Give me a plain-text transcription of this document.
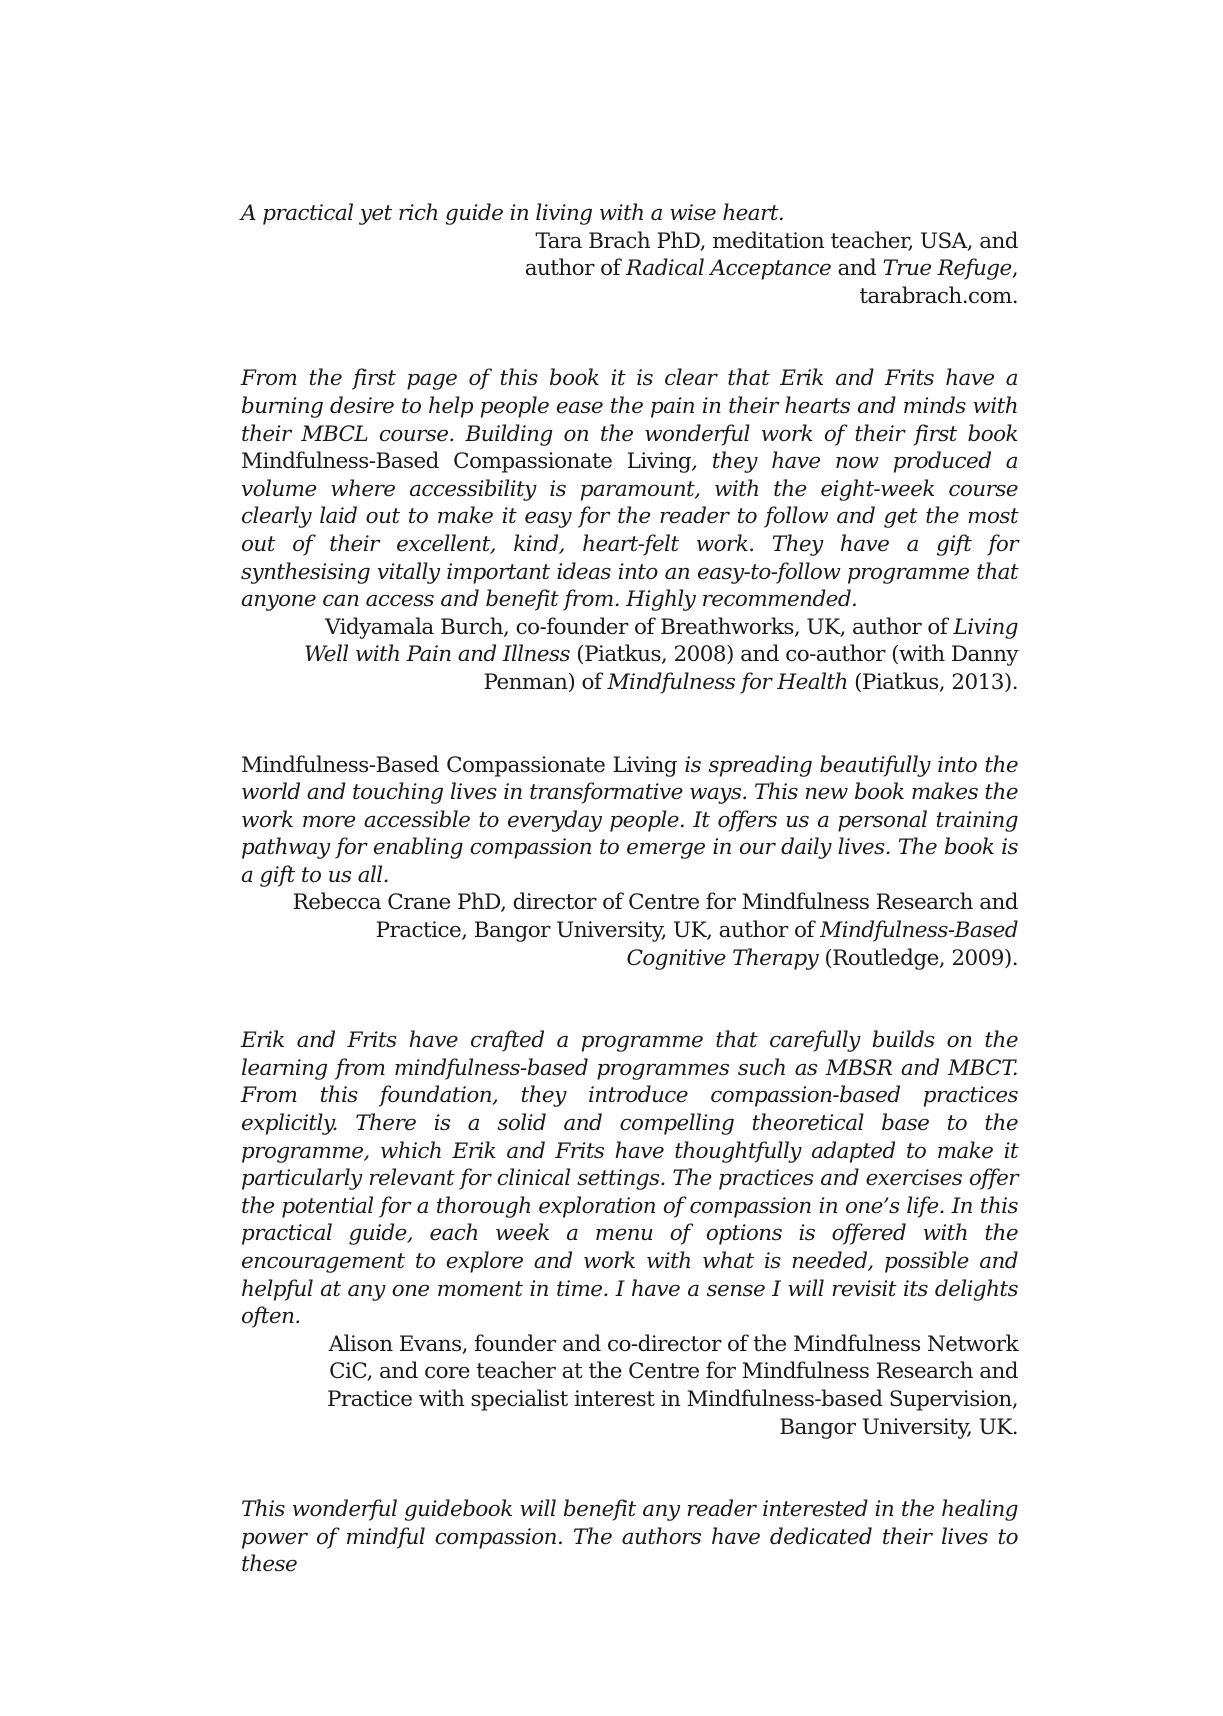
A practical yet rich guide in living with a wise heart.

Tara Brach PhD, meditation teacher, USA, and author of Radical Acceptance and True Refuge, tarabrach.com.

From the first page of this book it is clear that Erik and Frits have a burning desire to help people ease the pain in their hearts and minds with their MBCL course. Building on the wonderful work of their first book Mindfulness-Based Compassionate Living, they have now produced a volume where accessibility is paramount, with the eight-week course clearly laid out to make it easy for the reader to follow and get the most out of their excellent, kind, heart-felt work. They have a gift for synthesising vitally important ideas into an easy-to-follow programme that anyone can access and benefit from. Highly recommended.

Vidyamala Burch, co-founder of Breathworks, UK, author of Living Well with Pain and Illness (Piatkus, 2008) and co-author (with Danny Penman) of Mindfulness for Health (Piatkus, 2013).

Mindfulness-Based Compassionate Living is spreading beautifully into the world and touching lives in transformative ways. This new book makes the work more accessible to everyday people. It offers us a personal training pathway for enabling compassion to emerge in our daily lives. The book is a gift to us all.

Rebecca Crane PhD, director of Centre for Mindfulness Research and Practice, Bangor University, UK, author of Mindfulness-Based Cognitive Therapy (Routledge, 2009).

Erik and Frits have crafted a programme that carefully builds on the learning from mindfulness-based programmes such as MBSR and MBCT. From this foundation, they introduce compassion-based practices explicitly. There is a solid and compelling theoretical base to the programme, which Erik and Frits have thoughtfully adapted to make it particularly relevant for clinical settings. The practices and exercises offer the potential for a thorough exploration of compassion in one’s life. In this practical guide, each week a menu of options is offered with the encouragement to explore and work with what is needed, possible and helpful at any one moment in time. I have a sense I will revisit its delights often.

Alison Evans, founder and co-director of the Mindfulness Network CiC, and core teacher at the Centre for Mindfulness Research and Practice with specialist interest in Mindfulness-based Supervision, Bangor University, UK.

This wonderful guidebook will benefit any reader interested in the healing power of mindful compassion. The authors have dedicated their lives to these
